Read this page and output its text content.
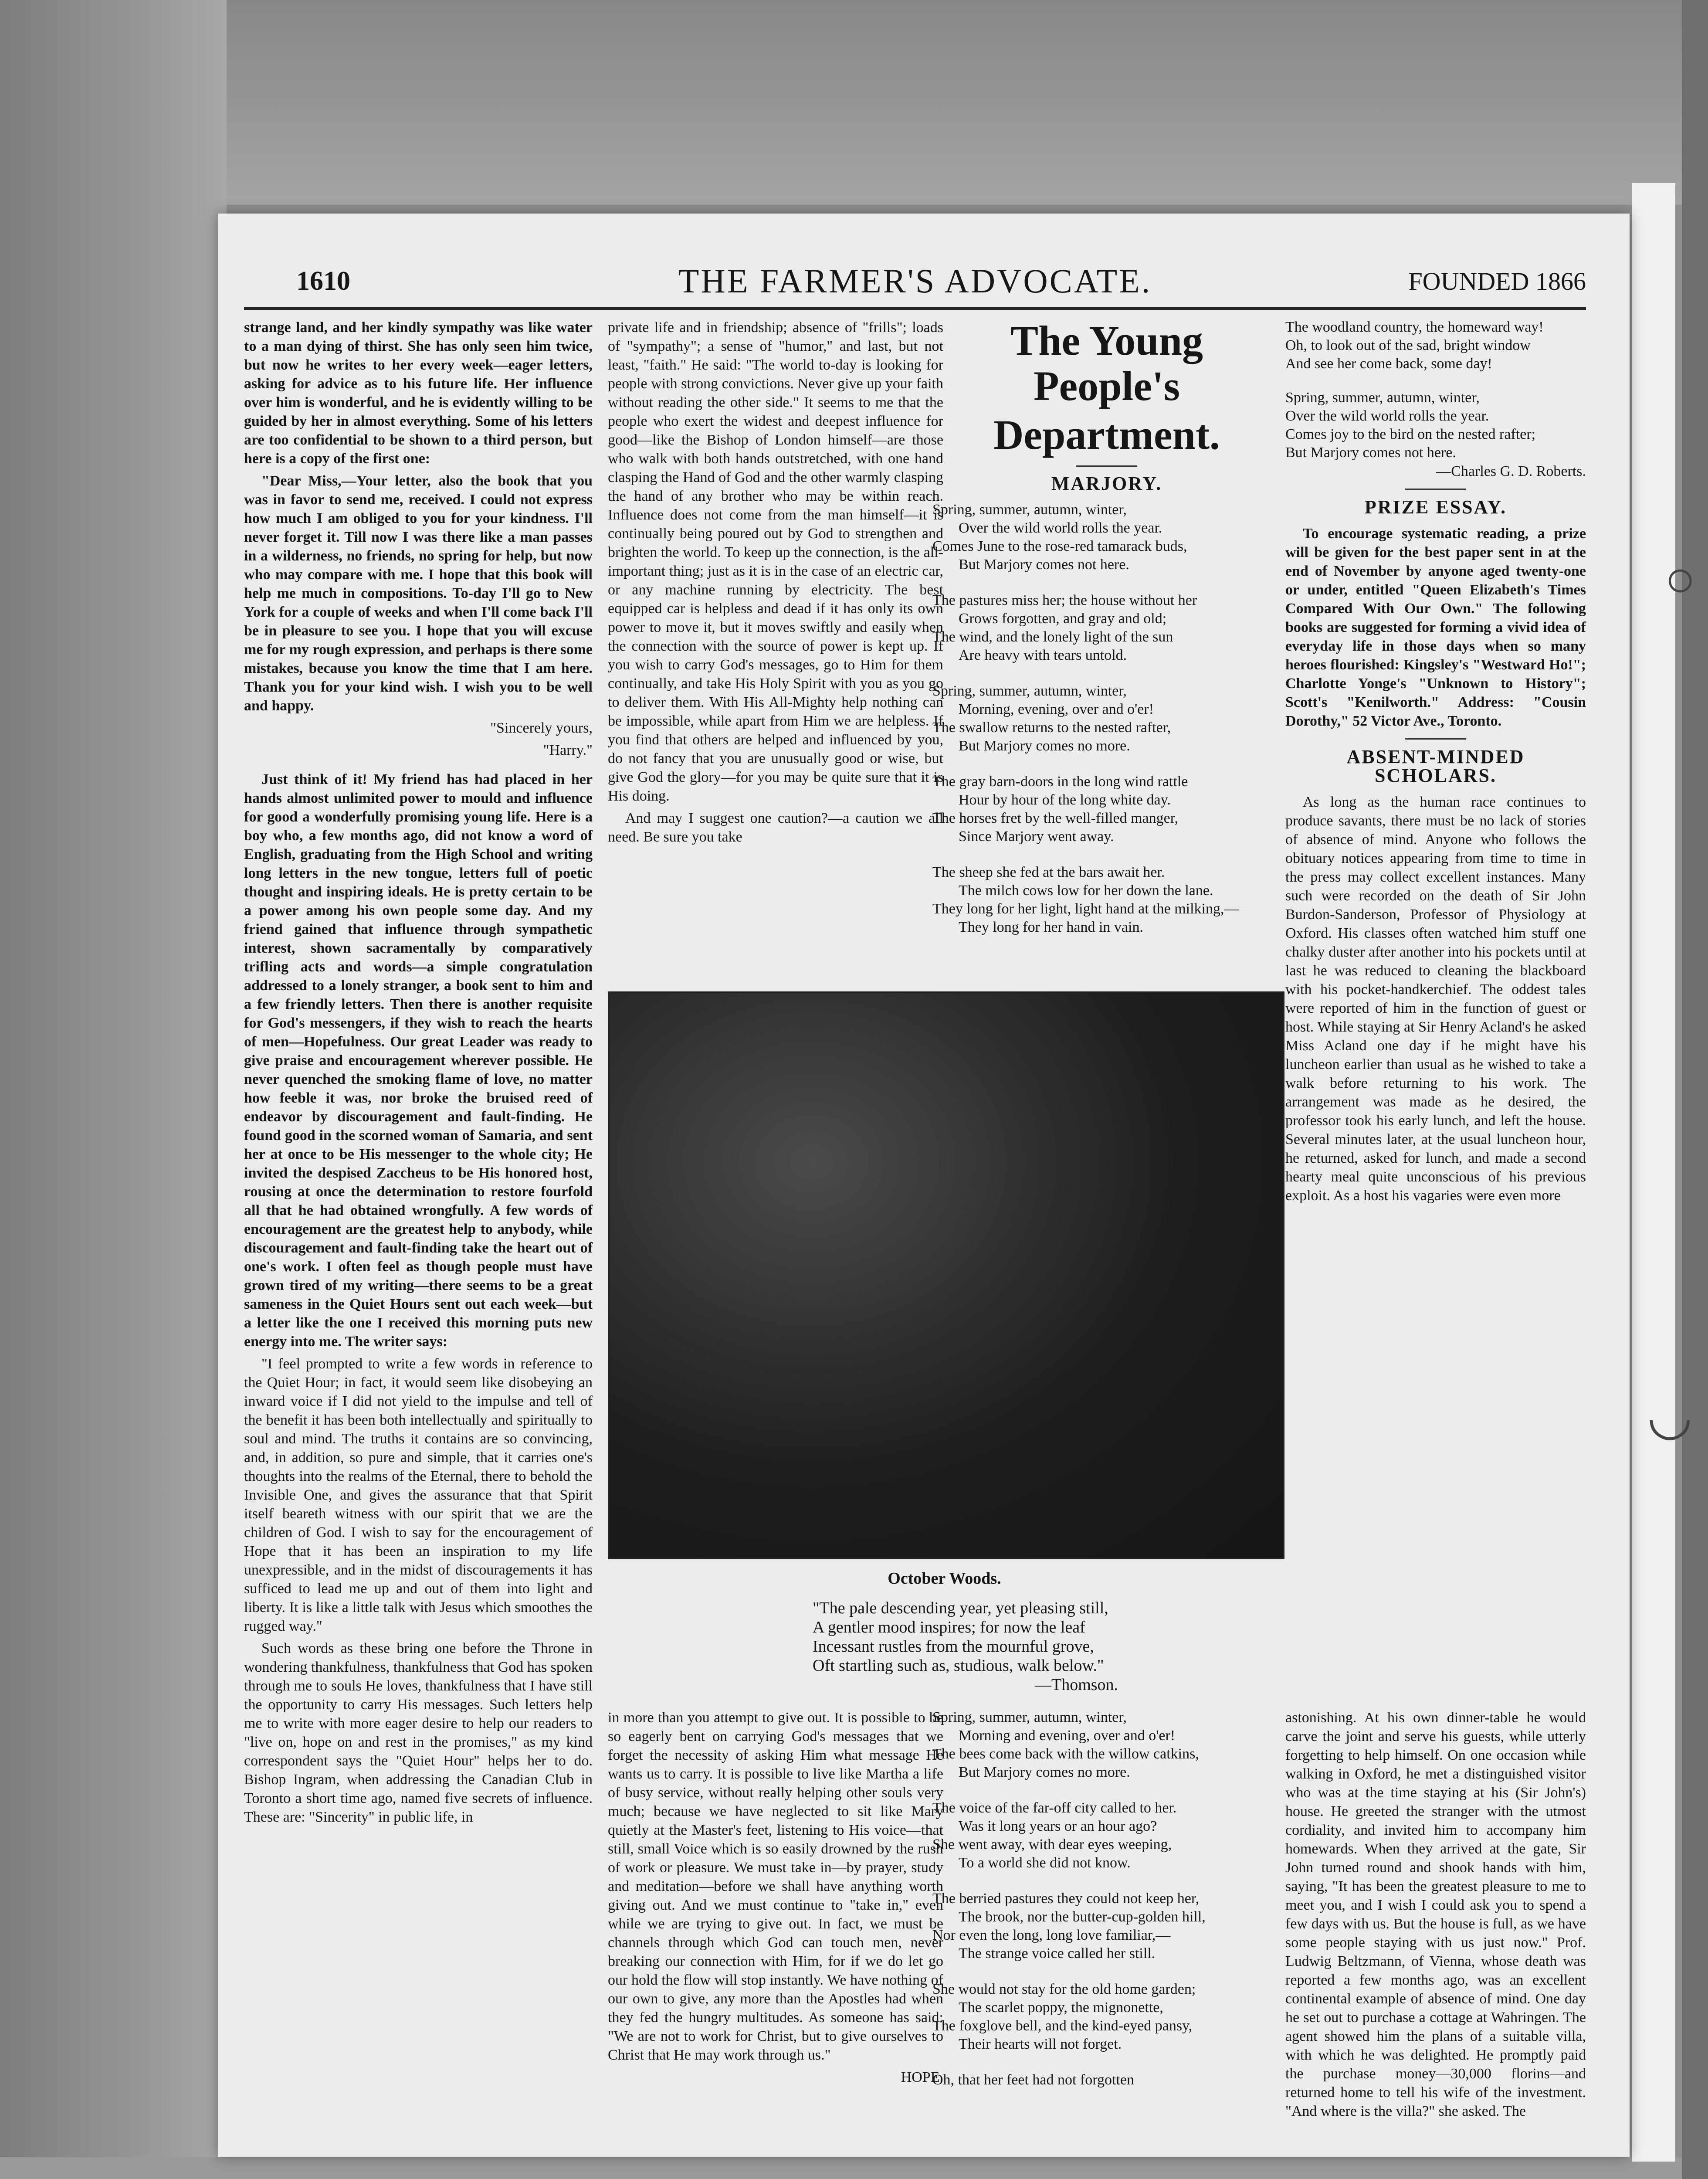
○
◡
1610	THE FARMER'S ADVOCATE.	FOUNDED 1866

strange land, and her kindly sympathy was like water to a man dying of thirst. She has only seen him twice, but now he writes to her every week—eager letters, asking for advice as to his future life. Her influence over him is wonderful, and he is evidently willing to be guided by her in almost everything. Some of his letters are too confidential to be shown to a third person, but here is a copy of the first one:

"Dear Miss,—Your letter, also the book that you was in favor to send me, received. I could not express how much I am obliged to you for your kindness. I'll never forget it. Till now I was there like a man passes in a wilderness, no friends, no spring for help, but now who may compare with me. I hope that this book will help me much in compositions. To-day I'll go to New York for a couple of weeks and when I'll come back I'll be in pleasure to see you. I hope that you will excuse me for my rough expression, and perhaps is there some mistakes, because you know the time that I am here. Thank you for your kind wish. I wish you to be well and happy.

"Sincerely yours,

"Harry."

Just think of it! My friend has had placed in her hands almost unlimited power to mould and influence for good a wonderfully promising young life. Here is a boy who, a few months ago, did not know a word of English, graduating from the High School and writing long letters in the new tongue, letters full of poetic thought and inspiring ideals. He is pretty certain to be a power among his own people some day. And my friend gained that influence through sympathetic interest, shown sacramentally by comparatively trifling acts and words—a simple congratulation addressed to a lonely stranger, a book sent to him and a few friendly letters. Then there is another requisite for God's messengers, if they wish to reach the hearts of men—Hopefulness. Our great Leader was ready to give praise and encouragement wherever possible. He never quenched the smoking flame of love, no matter how feeble it was, nor broke the bruised reed of endeavor by discouragement and fault-finding. He found good in the scorned woman of Samaria, and sent her at once to be His messenger to the whole city; He invited the despised Zaccheus to be His honored host, rousing at once the determination to restore fourfold all that he had obtained wrongfully. A few words of encouragement are the greatest help to anybody, while discouragement and fault-finding take the heart out of one's work. I often feel as though people must have grown tired of my writing—there seems to be a great sameness in the Quiet Hours sent out each week—but a letter like the one I received this morning puts new energy into me. The writer says:

"I feel prompted to write a few words in reference to the Quiet Hour; in fact, it would seem like disobeying an inward voice if I did not yield to the impulse and tell of the benefit it has been both intellectually and spiritually to soul and mind. The truths it contains are so convincing, and, in addition, so pure and simple, that it carries one's thoughts into the realms of the Eternal, there to behold the Invisible One, and gives the assurance that that Spirit itself beareth witness with our spirit that we are the children of God. I wish to say for the encouragement of Hope that it has been an inspiration to my life unexpressible, and in the midst of discouragements it has sufficed to lead me up and out of them into light and liberty. It is like a little talk with Jesus which smoothes the rugged way."

Such words as these bring one before the Throne in wondering thankfulness, thankfulness that God has spoken through me to souls He loves, thankfulness that I have still the opportunity to carry His messages. Such letters help me to write with more eager desire to help our readers to "live on, hope on and rest in the promises," as my kind correspondent says the "Quiet Hour" helps her to do. Bishop Ingram, when addressing the Canadian Club in Toronto a short time ago, named five secrets of influence. These are: "Sincerity" in public life, in

private life and in friendship; absence of "frills"; loads of "sympathy"; a sense of "humor," and last, but not least, "faith." He said: "The world to-day is looking for people with strong convictions. Never give up your faith without reading the other side." It seems to me that the people who exert the widest and deepest influence for good—like the Bishop of London himself—are those who walk with both hands outstretched, with one hand clasping the Hand of God and the other warmly clasping the hand of any brother who may be within reach. Influence does not come from the man himself—it is continually being poured out by God to strengthen and brighten the world. To keep up the connection, is the all-important thing; just as it is in the case of an electric car, or any machine running by electricity. The best equipped car is helpless and dead if it has only its own power to move it, but it moves swiftly and easily when the connection with the source of power is kept up. If you wish to carry God's messages, go to Him for them continually, and take His Holy Spirit with you as you go to deliver them. With His All-Mighty help nothing can be impossible, while apart from Him we are helpless. If you find that others are helped and influenced by you, do not fancy that you are unusually good or wise, but give God the glory—for you may be quite sure that it is His doing.

And may I suggest one caution?—a caution we all need. Be sure you take

in more than you attempt to give out. It is possible to be so eagerly bent on carrying God's messages that we forget the necessity of asking Him what message He wants us to carry. It is possible to live like Martha a life of busy service, without really helping other souls very much; because we have neglected to sit like Mary quietly at the Master's feet, listening to His voice—that still, small Voice which is so easily drowned by the rush of work or pleasure. We must take in—by prayer, study and meditation—before we shall have anything worth giving out. And we must continue to "take in," even while we are trying to give out. In fact, we must be channels through which God can touch men, never breaking our connection with Him, for if we do let go our hold the flow will stop instantly. We have nothing of our own to give, any more than the Apostles had when they fed the hungry multitudes. As someone has said: "We are not to work for Christ, but to give ourselves to Christ that He may work through us."

HOPE.

The Young People's

Department.

MARJORY.
Spring, summer, autumn, winter,
Over the wild world rolls the year.
Comes June to the rose-red tamarack buds,
But Marjory comes not here.
The pastures miss her; the house without her
Grows forgotten, and gray and old;
The wind, and the lonely light of the sun
Are heavy with tears untold.
Spring, summer, autumn, winter,
Morning, evening, over and o'er!
The swallow returns to the nested rafter,
But Marjory comes no more.
The gray barn-doors in the long wind rattle
Hour by hour of the long white day.
The horses fret by the well-filled manger,
Since Marjory went away.
The sheep she fed at the bars await her.
The milch cows low for her down the lane.
They long for her light, light hand at the milking,—
They long for her hand in vain.
Spring, summer, autumn, winter,
Morning and evening, over and o'er!
The bees come back with the willow catkins,
But Marjory comes no more.
The voice of the far-off city called to her.
Was it long years or an hour ago?
She went away, with dear eyes weeping,
To a world she did not know.
The berried pastures they could not keep her,
The brook, nor the butter-cup-golden hill,
Nor even the long, long love familiar,—
The strange voice called her still.
She would not stay for the old home garden;
The scarlet poppy, the mignonette,
The foxglove bell, and the kind-eyed pansy,
Their hearts will not forget.
Oh, that her feet had not forgotten
The woodland country, the homeward way!
Oh, to look out of the sad, bright window
And see her come back, some day!
Spring, summer, autumn, winter,
Over the wild world rolls the year.
Comes joy to the bird on the nested rafter;
But Marjory comes not here.

—Charles G. D. Roberts.

PRIZE ESSAY.

To encourage systematic reading, a prize will be given for the best paper sent in at the end of November by anyone aged twenty-one or under, entitled "Queen Elizabeth's Times Compared With Our Own." The following books are suggested for forming a vivid idea of everyday life in those days when so many heroes flourished: Kingsley's "Westward Ho!"; Charlotte Yonge's "Unknown to History"; Scott's "Kenilworth." Address: "Cousin Dorothy," 52 Victor Ave., Toronto.

ABSENT-MINDED SCHOLARS.

As long as the human race continues to produce savants, there must be no lack of stories of absence of mind. Anyone who follows the obituary notices appearing from time to time in the press may collect excellent instances. Many such were recorded on the death of Sir John Burdon-Sanderson, Professor of Physiology at Oxford. His classes often watched him stuff one chalky duster after another into his pockets until at last he was reduced to cleaning the blackboard with his pocket-handkerchief. The oddest tales were reported of him in the function of guest or host. While staying at Sir Henry Acland's he asked Miss Acland one day if he might have his luncheon earlier than usual as he wished to take a walk before returning to his work. The arrangement was made as he desired, the professor took his early lunch, and left the house. Several minutes later, at the usual luncheon hour, he returned, asked for lunch, and made a second hearty meal quite unconscious of his previous exploit. As a host his vagaries were even more

astonishing. At his own dinner-table he would carve the joint and serve his guests, while utterly forgetting to help himself. On one occasion while walking in Oxford, he met a distinguished visitor who was at the time staying at his (Sir John's) house. He greeted the stranger with the utmost cordiality, and invited him to accompany him homewards. When they arrived at the gate, Sir John turned round and shook hands with him, saying, "It has been the greatest pleasure to me to meet you, and I wish I could ask you to spend a few days with us. But the house is full, as we have some people staying with us just now." Prof. Ludwig Beltzmann, of Vienna, whose death was reported a few months ago, was an excellent continental example of absence of mind. One day he set out to purchase a cottage at Wahringen. The agent showed him the plans of a suitable villa, with which he was delighted. He promptly paid the purchase money—30,000 florins—and returned home to tell his wife of the investment. "And where is the villa?" she asked. The

October Woods.
"The pale descending year, yet pleasing still,
A gentler mood inspires; for now the leaf
Incessant rustles from the mournful grove,
Oft startling such as, studious, walk below."
—Thomson.
